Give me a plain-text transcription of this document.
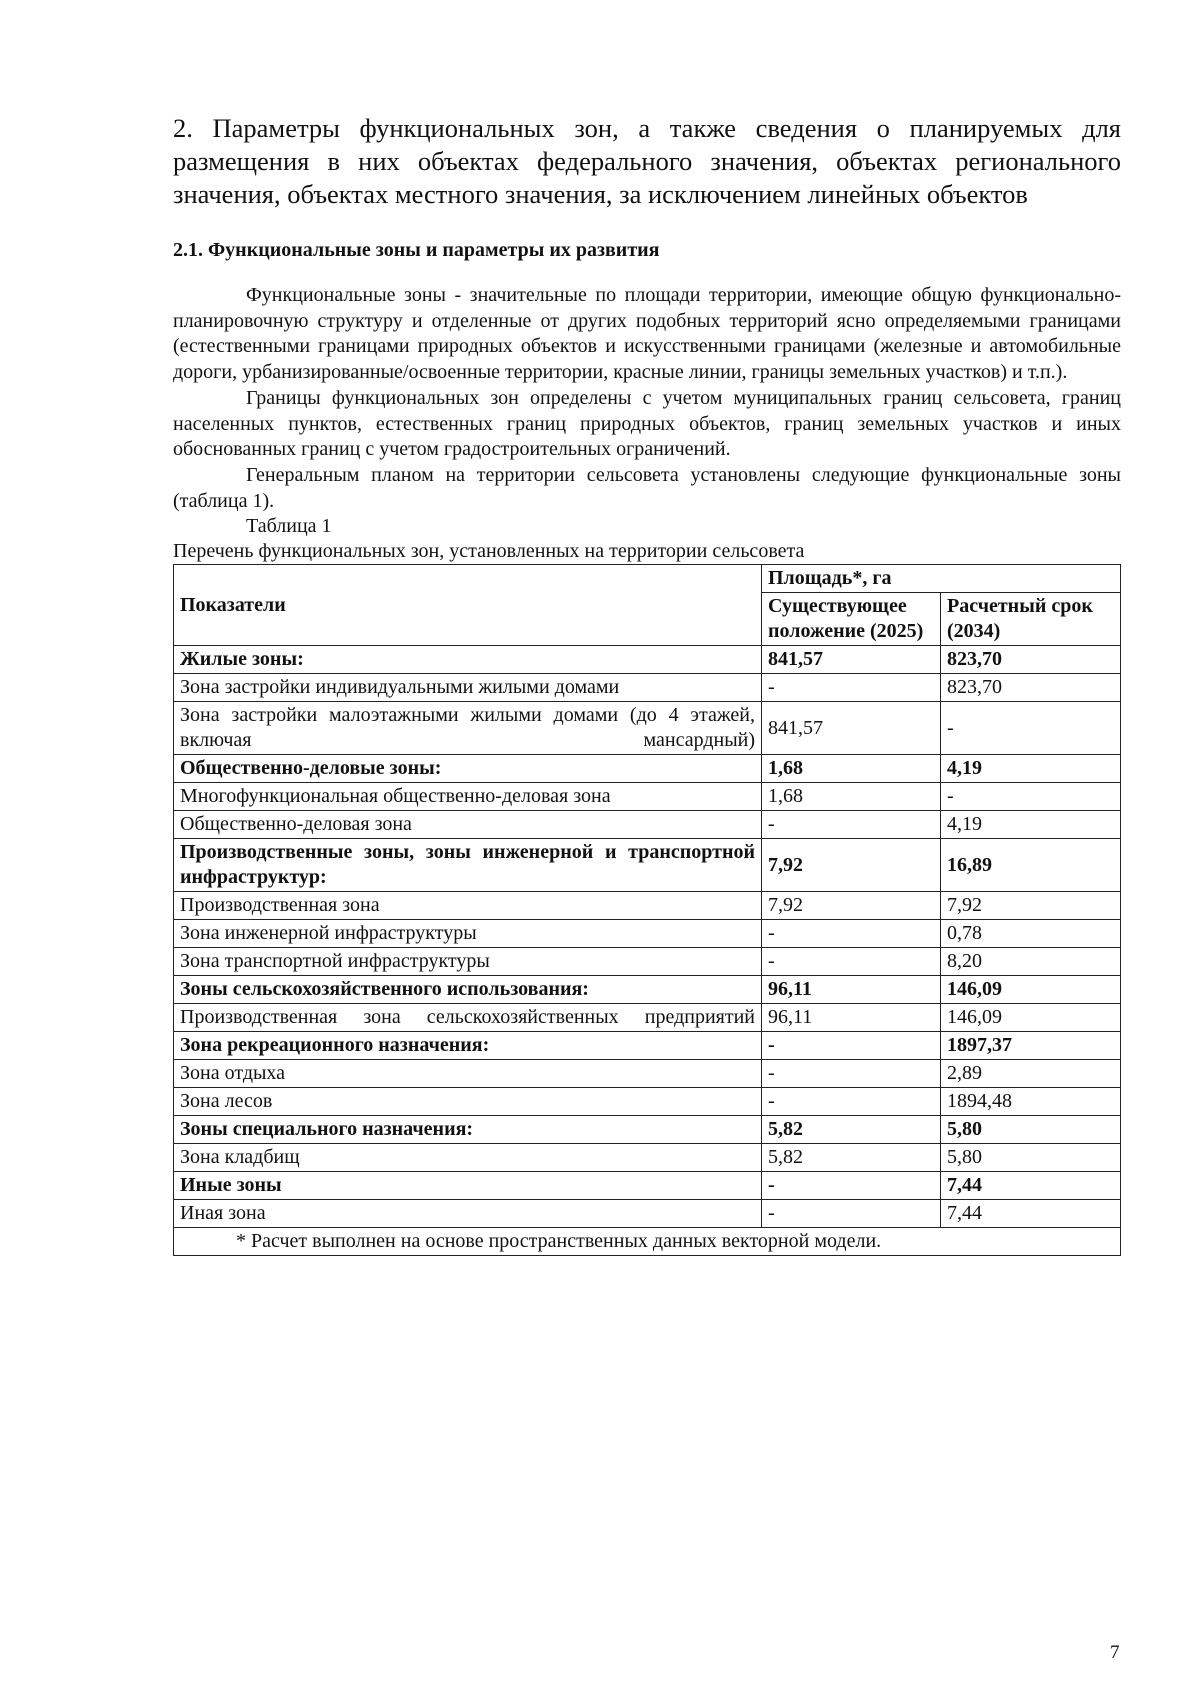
2. Параметры функциональных зон, а также сведения о планируемых для размещения в них объектах федерального значения, объектах регионального значения, объектах местного значения, за исключением линейных объектов

2.1. Функциональные зоны и параметры их развития

Функциональные зоны - значительные по площади территории, имеющие общую функционально-планировочную структуру и отделенные от других подобных территорий ясно определяемыми границами (естественными границами природных объектов и искусственными границами (железные и автомобильные дороги, урбанизированные/освоенные территории, красные линии, границы земельных участков) и т.п.).

Границы функциональных зон определены с учетом муниципальных границ сельсовета, границ населенных пунктов, естественных границ природных объектов, границ земельных участков и иных обоснованных границ с учетом градостроительных ограничений.

Генеральным планом на территории сельсовета установлены следующие функциональные зоны (таблица 1).

Таблица 1

Перечень функциональных зон, установленных на территории сельсовета

Показатели	Площадь*, га	
	Существующее положение (2025)	Расчетный срок (2034)
Жилые зоны:	841,57	823,70
Зона застройки индивидуальными жилыми домами	-	823,70
Зона застройки малоэтажными жилыми домами (до 4 этажей, включая мансардный)	841,57	-
Общественно-деловые зоны:	1,68	4,19
Многофункциональная общественно-деловая зона	1,68	-
Общественно-деловая зона	-	4,19
Производственные зоны, зоны инженерной и транспортной инфраструктур:	7,92	16,89
Производственная зона	7,92	7,92
Зона инженерной инфраструктуры	-	0,78
Зона транспортной инфраструктуры	-	8,20
Зоны сельскохозяйственного использования:	96,11	146,09
Производственная зона сельскохозяйственных предприятий	96,11	146,09
Зона рекреационного назначения:	-	1897,37
Зона отдыха	-	2,89
Зона лесов	-	1894,48
Зоны специального назначения:	5,82	5,80
Зона кладбищ	5,82	5,80
Иные зоны	-	7,44
Иная зона	-	7,44
* Расчет выполнен на основе пространственных данных векторной модели.		
7
